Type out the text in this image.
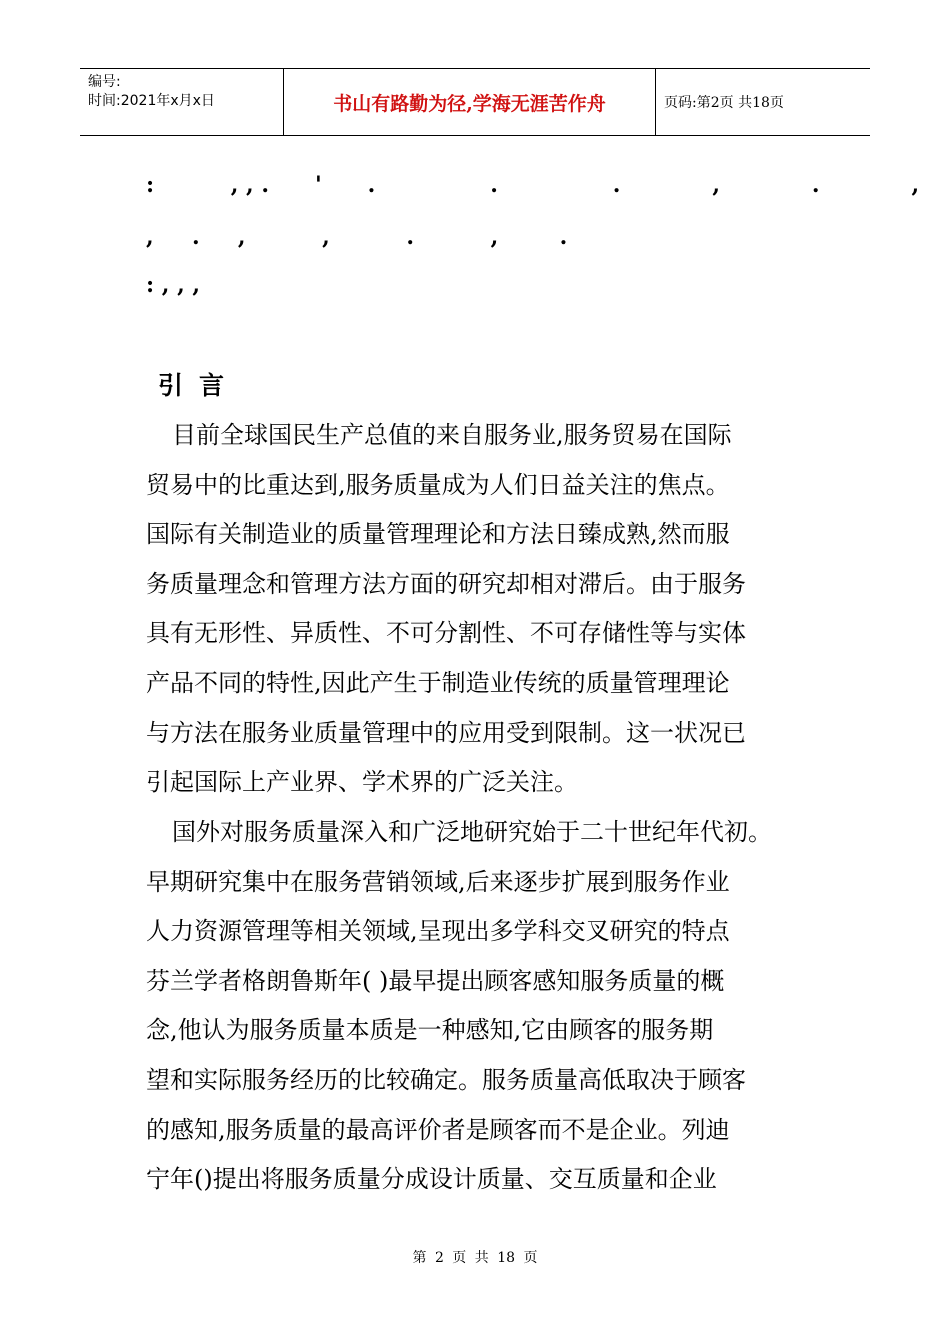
编号:
时间:2021年x月x日	书山有路勤为径,学海无涯苦作舟	页码:第2页 共18页
:          , , .      '      .               .               .            ,            .            ,
,     .     ,          ,          .          ,        .
: , , ,
引言
目前全球国民生产总值的来自服务业,服务贸易在国际
贸易中的比重达到,服务质量成为人们日益关注的焦点。
国际有关制造业的质量管理理论和方法日臻成熟,然而服
务质量理念和管理方法方面的研究却相对滞后。由于服务
具有无形性、异质性、不可分割性、不可存储性等与实体
产品不同的特性,因此产生于制造业传统的质量管理理论
与方法在服务业质量管理中的应用受到限制。这一状况已
引起国际上产业界、学术界的广泛关注。
国外对服务质量深入和广泛地研究始于二十世纪年代初。
早期研究集中在服务营销领域,后来逐步扩展到服务作业
人力资源管理等相关领域,呈现出多学科交叉研究的特点
芬兰学者格朗鲁斯年( )最早提出顾客感知服务质量的概
念,他认为服务质量本质是一种感知,它由顾客的服务期
望和实际服务经历的比较确定。服务质量高低取决于顾客
的感知,服务质量的最高评价者是顾客而不是企业。列迪
宁年()提出将服务质量分成设计质量、交互质量和企业
第 2 页 共 18 页
